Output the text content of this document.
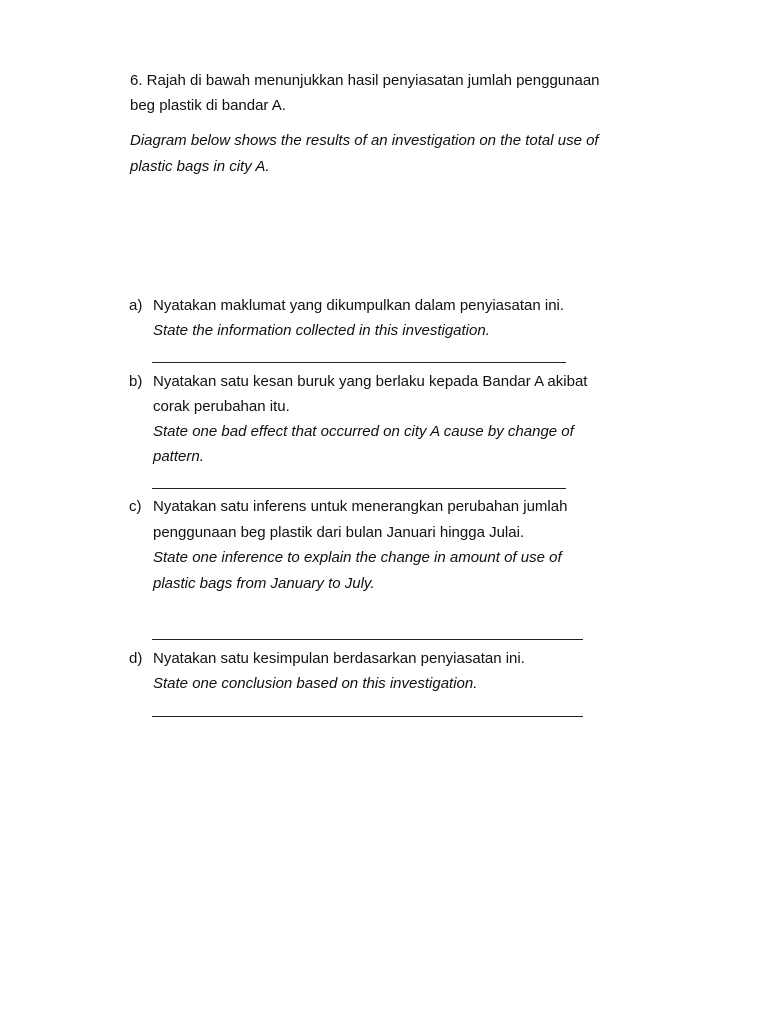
6. Rajah di bawah menunjukkan hasil penyiasatan jumlah penggunaan
beg plastik di bandar A.
Diagram below shows the results of an investigation on the total use of
plastic bags in city A.
a) Nyatakan maklumat yang dikumpulkan dalam penyiasatan ini.
State the information collected in this investigation.
b) Nyatakan satu kesan buruk yang berlaku kepada Bandar A akibat
corak perubahan itu.
State one bad effect that occurred on city A cause by change of
pattern.
c) Nyatakan satu inferens untuk menerangkan perubahan jumlah
penggunaan beg plastik dari bulan Januari hingga Julai.
State one inference to explain the change in amount of use of
plastic bags from January to July.
d) Nyatakan satu kesimpulan berdasarkan penyiasatan ini.
State one conclusion based on this investigation.
